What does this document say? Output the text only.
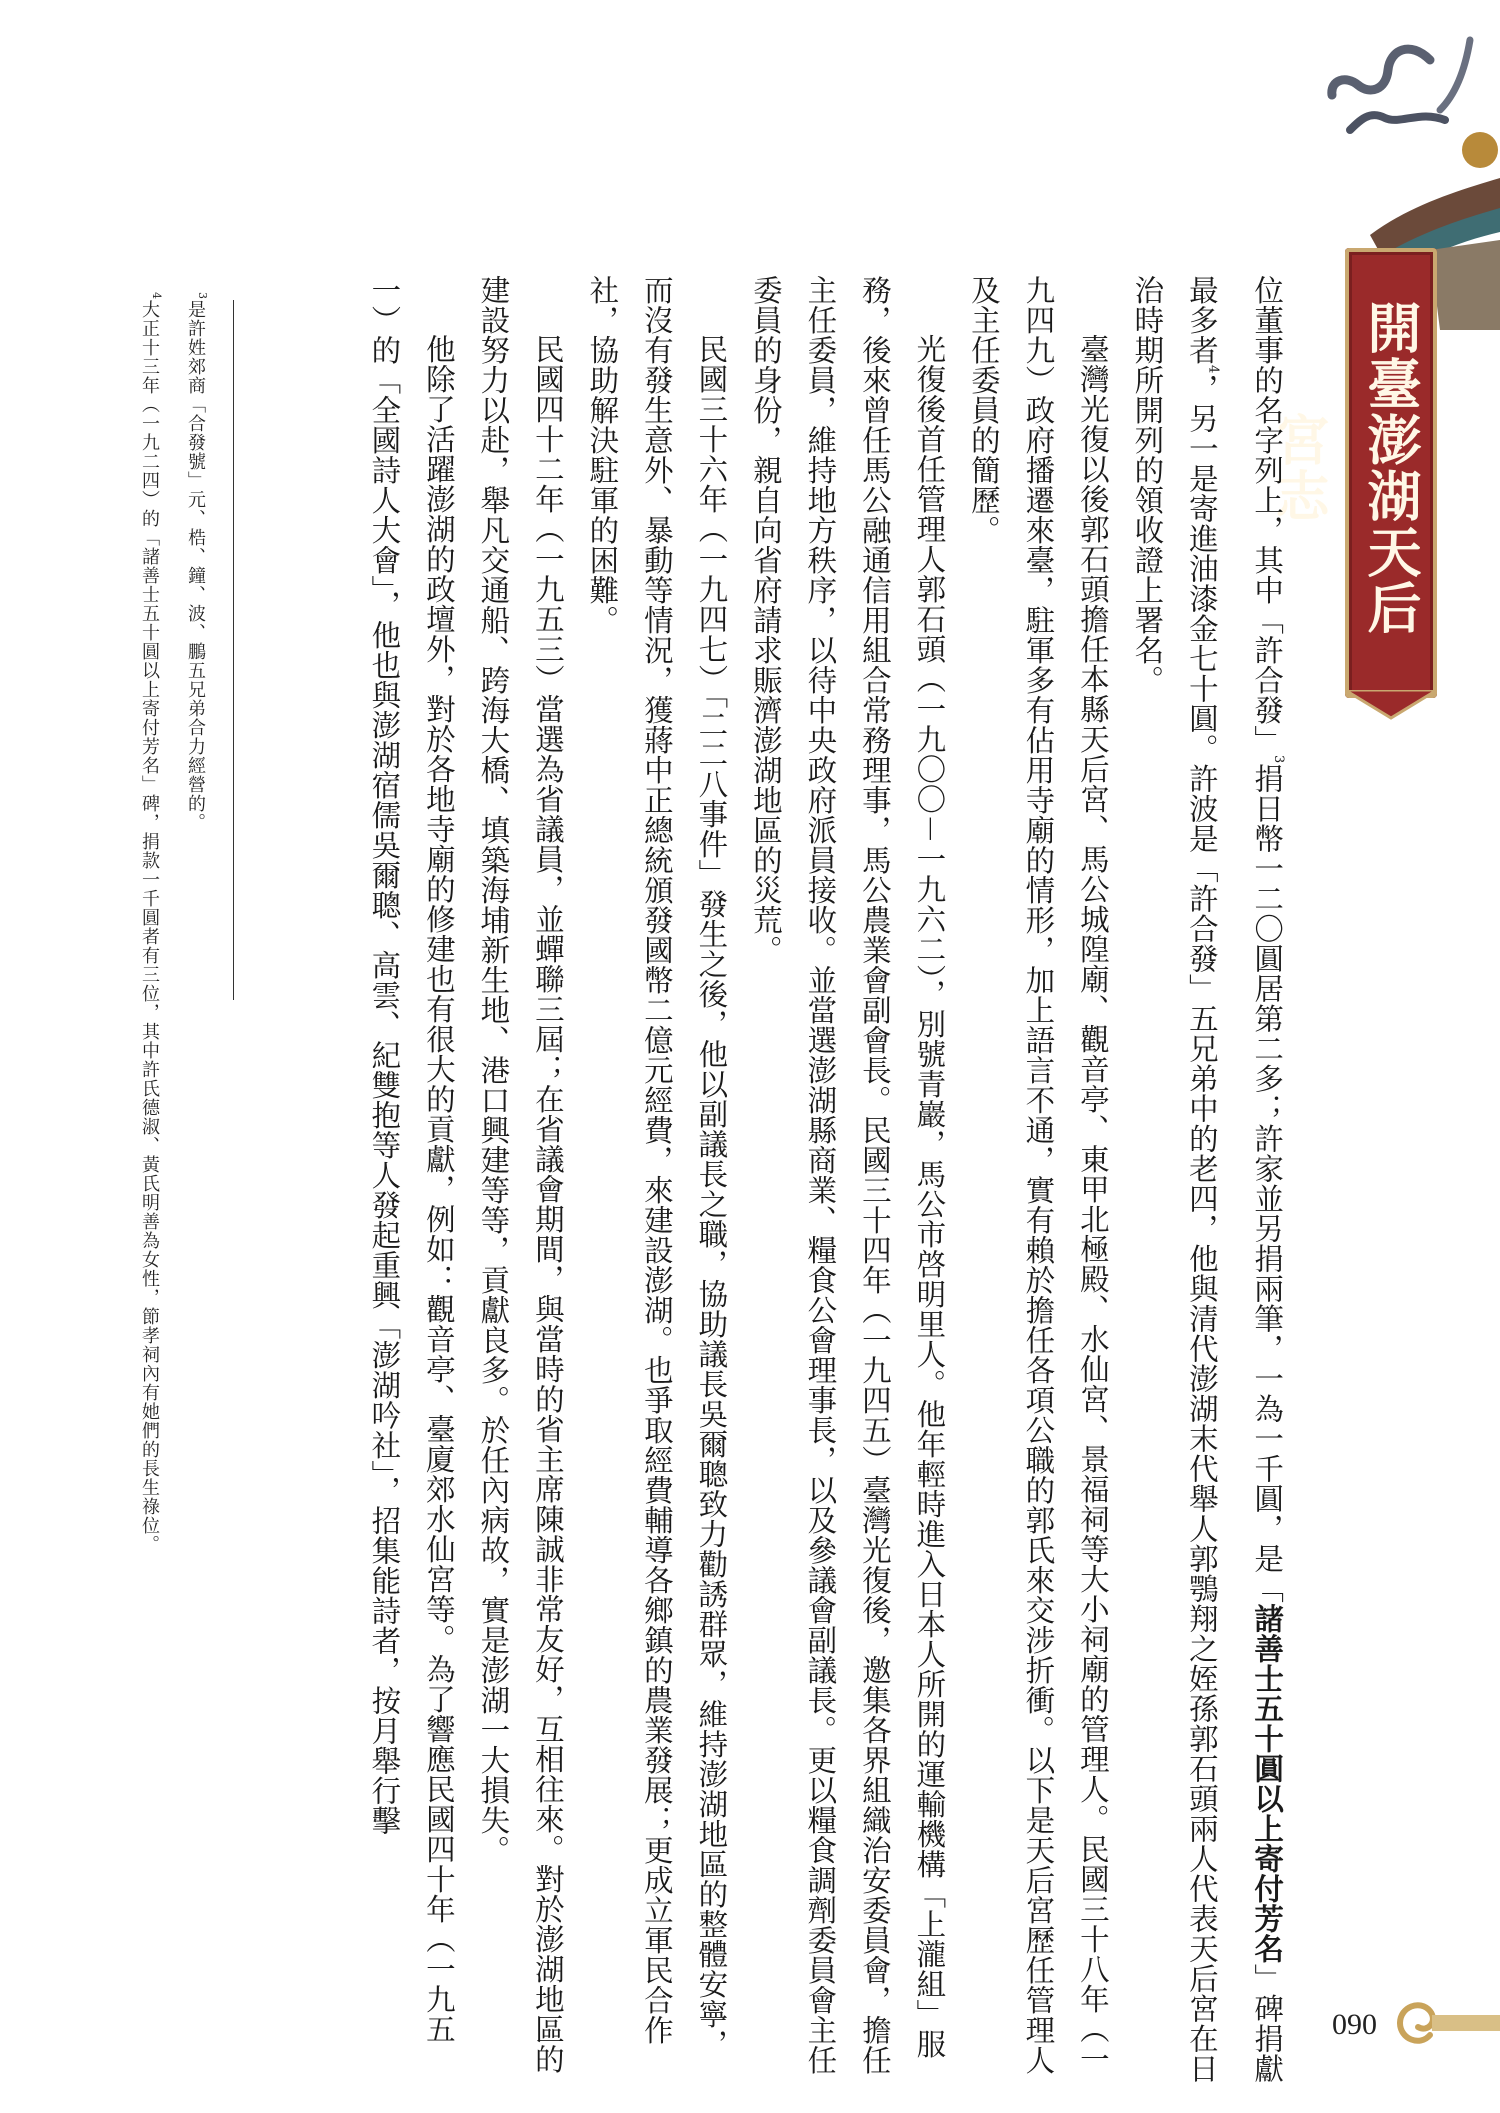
開臺澎湖天后宮志

位董事的名字列上，其中「許合發」$^3$捐日幣一二〇圓居第二多；許家並另捐兩筆，一為一千圓，是「諸善士五十圓以上寄付芳名」碑捐獻最多者$^4$，另一是寄進油漆金七十圓。許波是「許合發」五兄弟中的老四，他與清代澎湖末代舉人郭鶚翔之姪孫郭石頭兩人代表天后宮在日治時期所開列的領收證上署名。

臺灣光復以後郭石頭擔任本縣天后宮、馬公城隍廟、觀音亭、東甲北極殿、水仙宮、景福祠等大小祠廟的管理人。民國三十八年（一九四九）政府播遷來臺，駐軍多有佔用寺廟的情形，加上語言不通，實有賴於擔任各項公職的郭氏來交涉折衝。以下是天后宮歷任管理人及主任委員的簡歷。

光復後首任管理人郭石頭（一九〇〇－一九六二），別號青巖，馬公市啓明里人。他年輕時進入日本人所開的運輸機構「上瀧組」服務，後來曾任馬公融通信用組合常務理事，馬公農業會副會長。民國三十四年（一九四五）臺灣光復後，邀集各界組織治安委員會，擔任主任委員，維持地方秩序，以待中央政府派員接收。並當選澎湖縣商業、糧食公會理事長，以及參議會副議長。更以糧食調劑委員會主任委員的身份，親自向省府請求賑濟澎湖地區的災荒。

民國三十六年（一九四七）「二二八事件」發生之後，他以副議長之職，協助議長吳爾聰致力勸誘群眾，維持澎湖地區的整體安寧，而沒有發生意外、暴動等情況，獲蔣中正總統頒發國幣二億元經費，來建設澎湖。也爭取經費輔導各鄉鎮的農業發展；更成立軍民合作社，協助解決駐軍的困難。

民國四十二年（一九五三）當選為省議員，並蟬聯三屆；在省議會期間，與當時的省主席陳誠非常友好，互相往來。對於澎湖地區的建設努力以赴，舉凡交通船、跨海大橋、填築海埔新生地、港口興建等等，貢獻良多。於任內病故，實是澎湖一大損失。

他除了活躍澎湖的政壇外，對於各地寺廟的修建也有很大的貢獻，例如：觀音亭、臺廈郊水仙宮等。為了響應民國四十年（一九五一）的「全國詩人大會」，他也與澎湖宿儒吳爾聰、高雲、紀雙抱等人發起重興「澎湖吟社」，招集能詩者，按月舉行擊

$^3$是許姓郊商「合發號」元、梏、鐘、波、鵬五兄弟合力經營的。

$^4$大正十三年（一九二四）的「諸善士五十圓以上寄付芳名」碑，捐款一千圓者有三位，其中許氏德淑、黃氏明善為女性，節孝祠內有她們的長生祿位。

090
